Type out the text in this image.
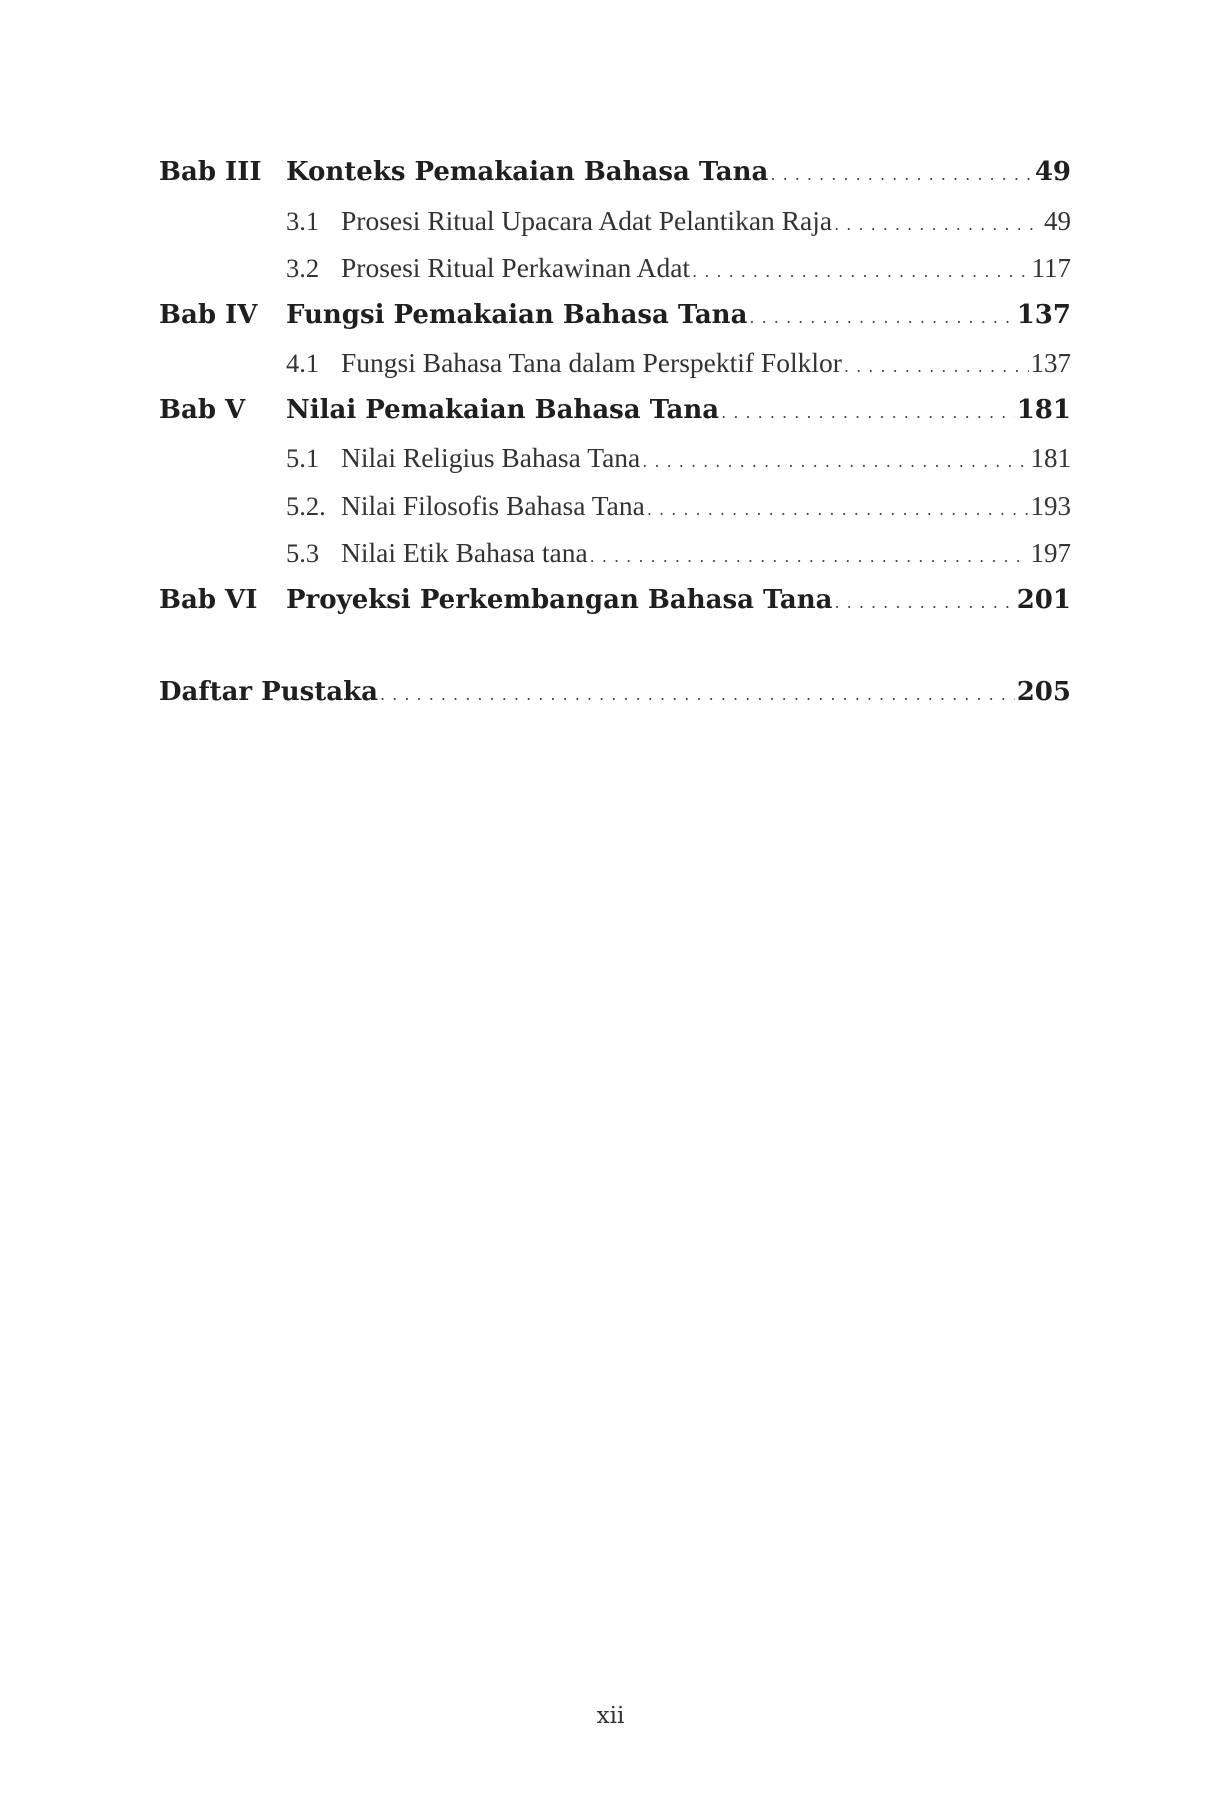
Bab III Konteks Pemakaian Bahasa Tana . . .	49
3.1 Prosesi Ritual Upacara Adat Pelantikan Raja . . .	49
3.2 Prosesi Ritual Perkawinan Adat . . .	117
Bab IV	Fungsi Pemakaian Bahasa Tana . . .	137
4.1 Fungsi Bahasa Tana dalam Perspektif Folklor . . .	137
Bab V	Nilai Pemakaian Bahasa Tana . . .	181
5.1 Nilai Religius Bahasa Tana . . .	181
5.2. Nilai Filosofis Bahasa Tana . . .	193
5.3 Nilai Etik Bahasa tana . . .	197
Bab VI	Proyeksi Perkembangan Bahasa Tana . . .	201
Daftar Pustaka . . .	205
xii
